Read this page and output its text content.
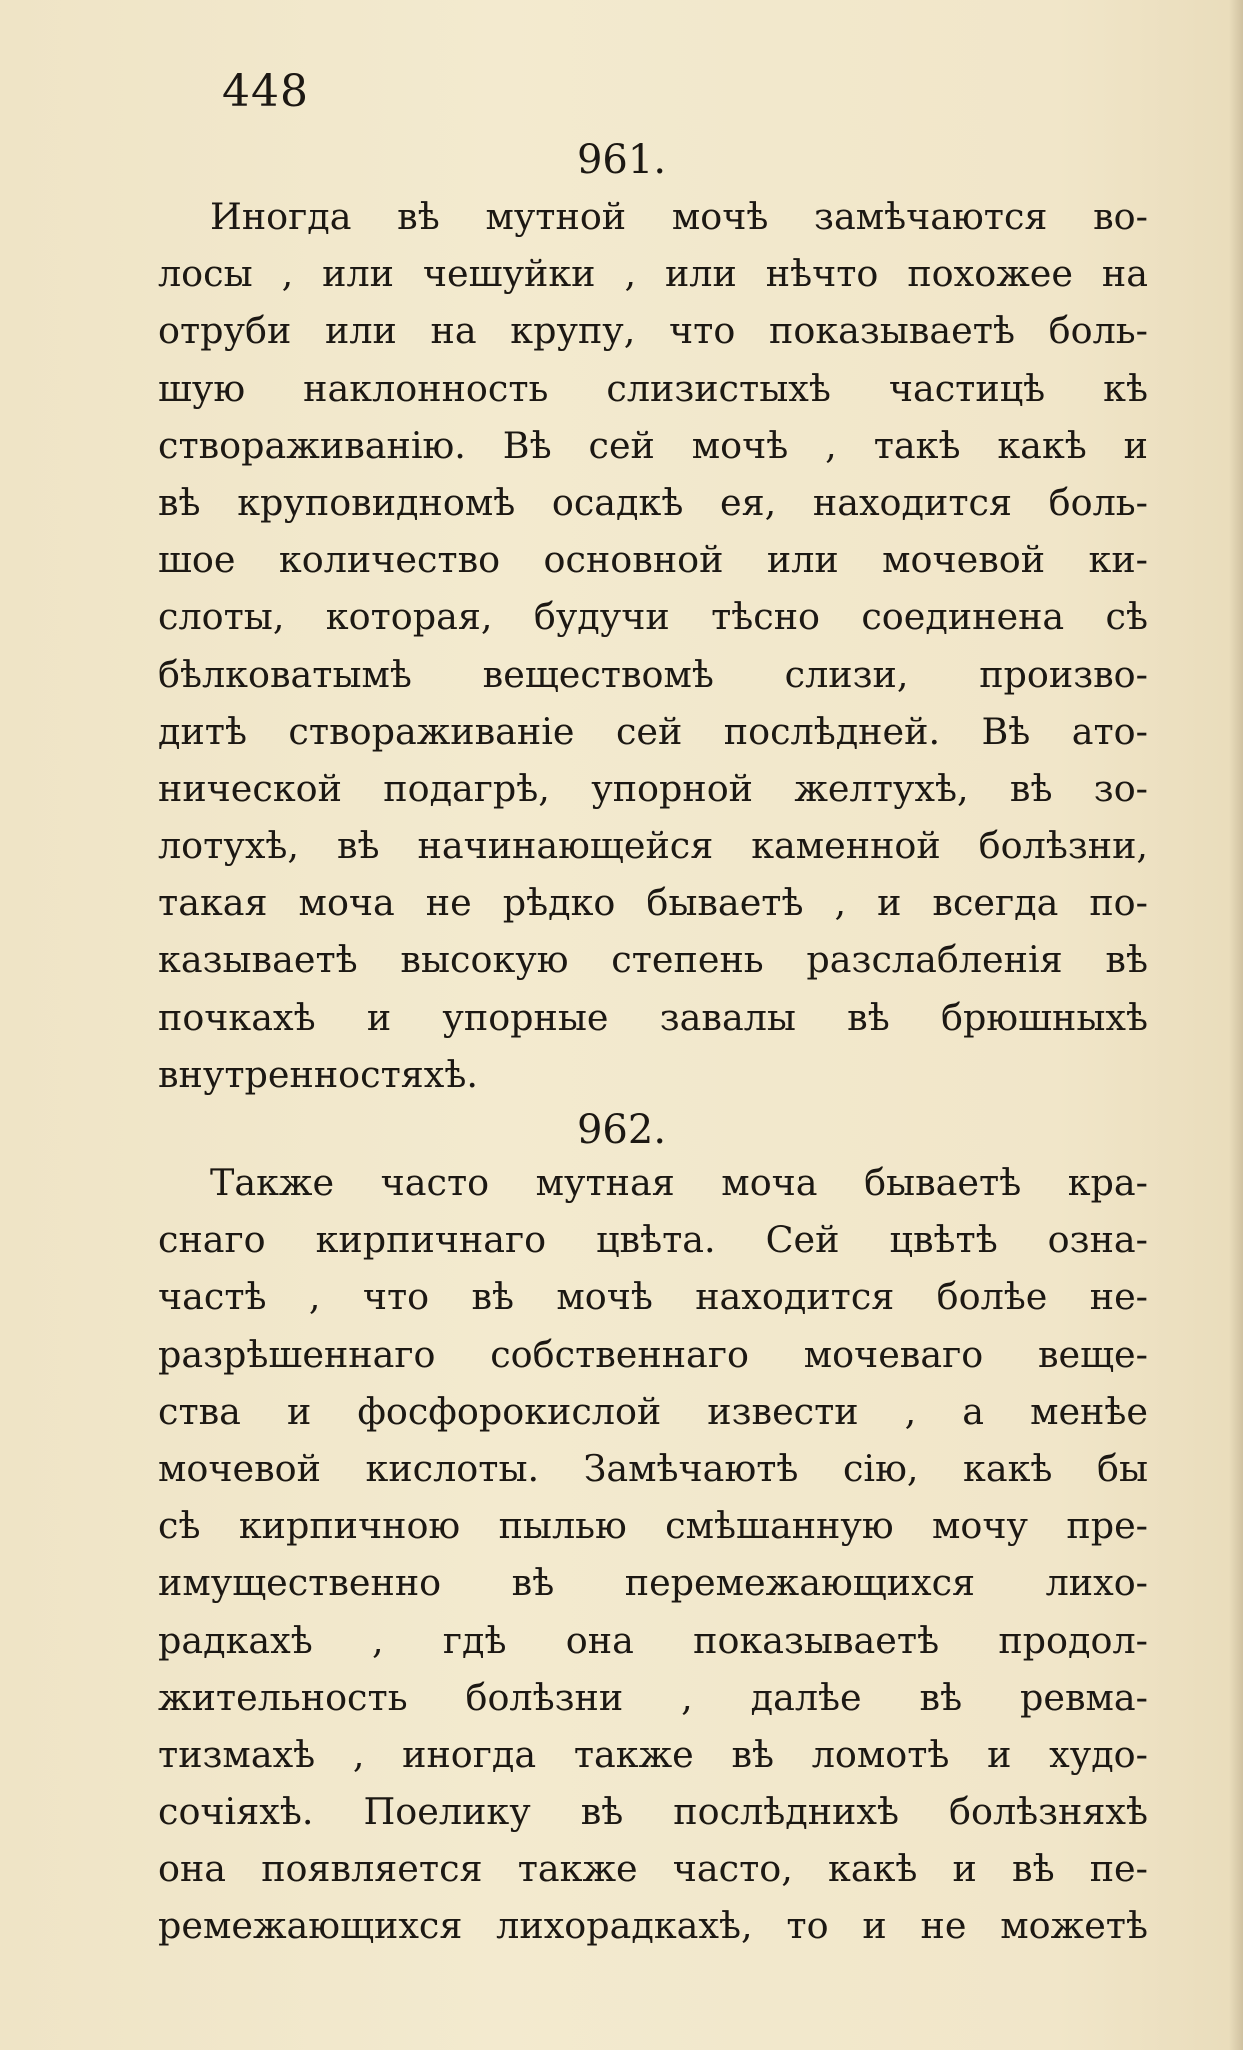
448
961.
Иногда вѣ мутной мочѣ замѣчаются во-
лосы , или чешуйки , или нѣчто похожее на
отруби или на крупу, что показываетѣ боль-
шую наклонность слизистыхѣ частицѣ кѣ
створаживанію. Вѣ сей мочѣ , такѣ какѣ и
вѣ круповидномѣ осадкѣ ея, находится боль-
шое количество основной или мочевой ки-
слоты, которая, будучи тѣсно соединена сѣ
бѣлковатымѣ веществомѣ слизи, произво-
дитѣ створаживаніе сей послѣдней. Вѣ ато-
нической подагрѣ, упорной желтухѣ, вѣ зо-
лотухѣ, вѣ начинающейся каменной болѣзни,
такая моча не рѣдко бываетѣ , и всегда по-
казываетѣ высокую степень разслабленія вѣ
почкахѣ и упорные завалы вѣ брюшныхѣ
внутренностяхѣ.
962.
Также часто мутная моча бываетѣ кра-
снаго кирпичнаго цвѣта. Сей цвѣтѣ озна-
частѣ , что вѣ мочѣ находится болѣе не-
разрѣшеннаго собственнаго мочеваго веще-
ства и фосфорокислой извести , а менѣе
мочевой кислоты. Замѣчаютѣ сію, какѣ бы
сѣ кирпичною пылью смѣшанную мочу пре-
имущественно вѣ перемежающихся лихо-
радкахѣ , гдѣ она показываетѣ продол-
жительность болѣзни , далѣе вѣ ревма-
тизмахѣ , иногда также вѣ ломотѣ и худо-
сочіяхѣ. Поелику вѣ послѣднихѣ болѣзняхѣ
она появляется также часто, какѣ и вѣ пе-
ремежающихся лихорадкахѣ, то и не можетѣ
